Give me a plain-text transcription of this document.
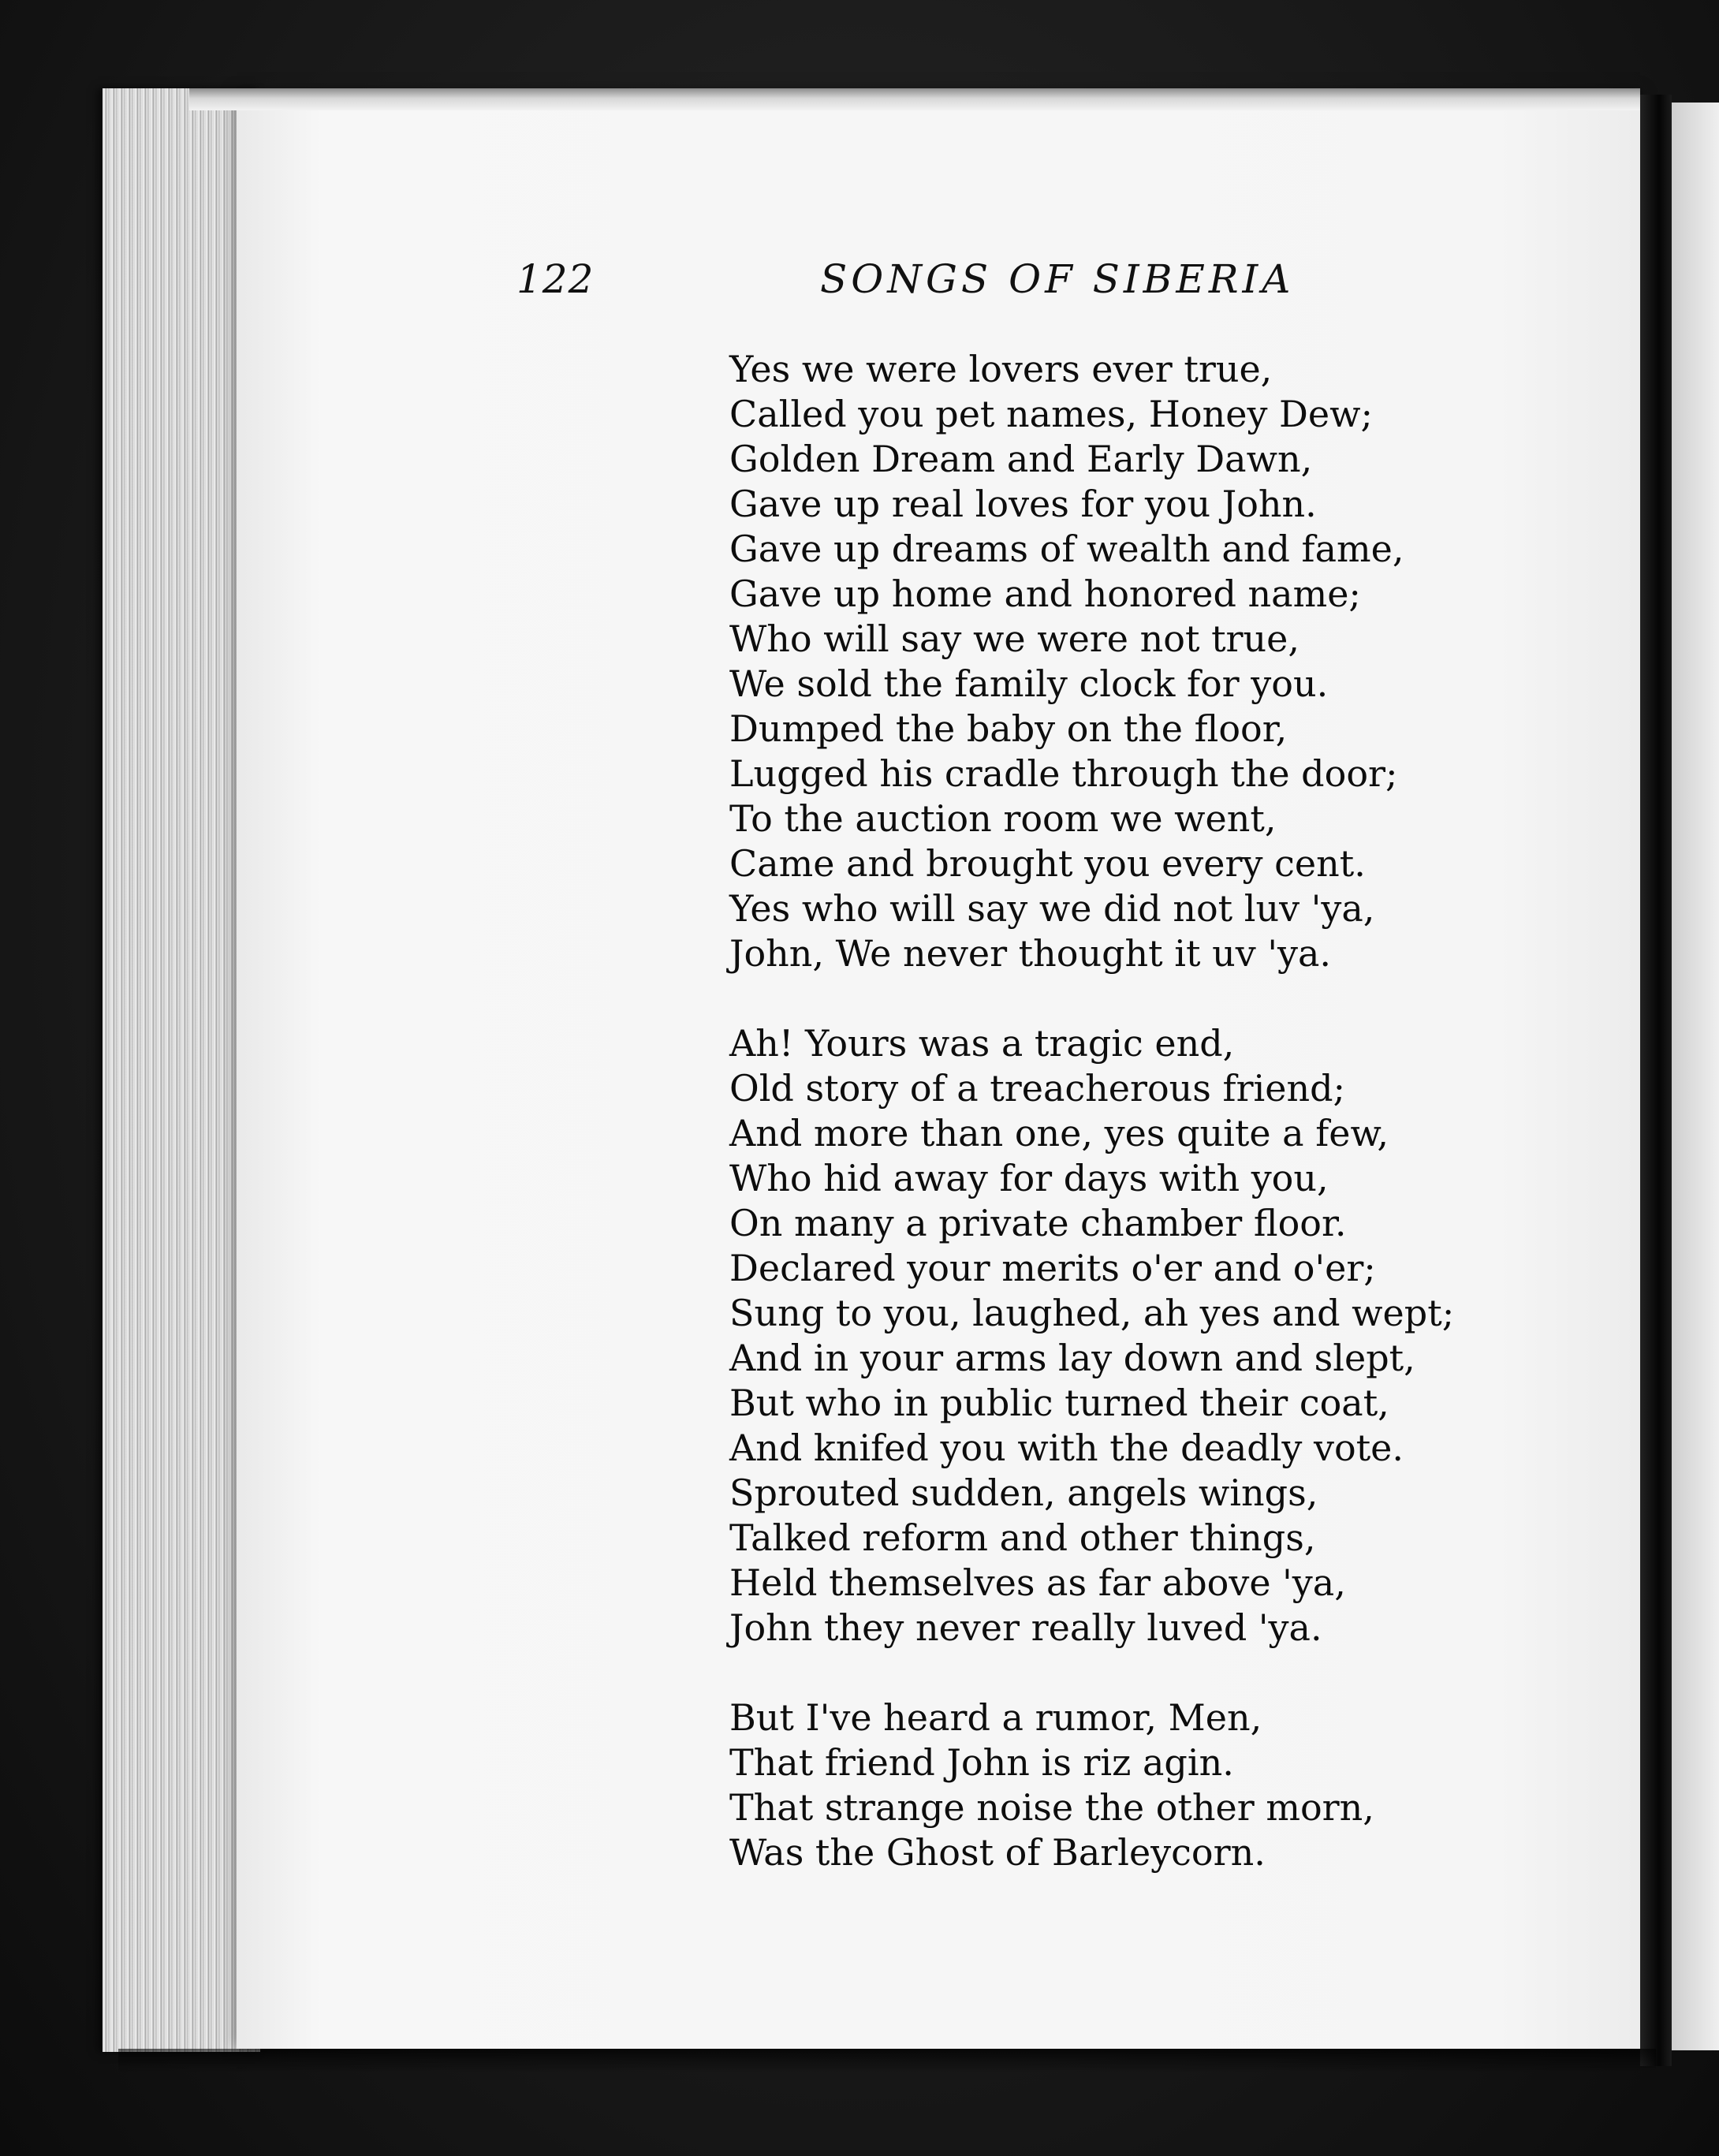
122	SONGS OF SIBERIA
Yes we were lovers ever true,
Called you pet names, Honey Dew;
Golden Dream and Early Dawn,
Gave up real loves for you John.
Gave up dreams of wealth and fame,
Gave up home and honored name;
Who will say we were not true,
We sold the family clock for you.
Dumped the baby on the floor,
Lugged his cradle through the door;
To the auction room we went,
Came and brought you every cent.
Yes who will say we did not luv 'ya,
John, We never thought it uv 'ya.
Ah! Yours was a tragic end,
Old story of a treacherous friend;
And more than one, yes quite a few,
Who hid away for days with you,
On many a private chamber floor.
Declared your merits o'er and o'er;
Sung to you, laughed, ah yes and wept;
And in your arms lay down and slept,
But who in public turned their coat,
And knifed you with the deadly vote.
Sprouted sudden, angels wings,
Talked reform and other things,
Held themselves as far above 'ya,
John they never really luved 'ya.
But I've heard a rumor, Men,
That friend John is riz agin.
That strange noise the other morn,
Was the Ghost of Barleycorn.
